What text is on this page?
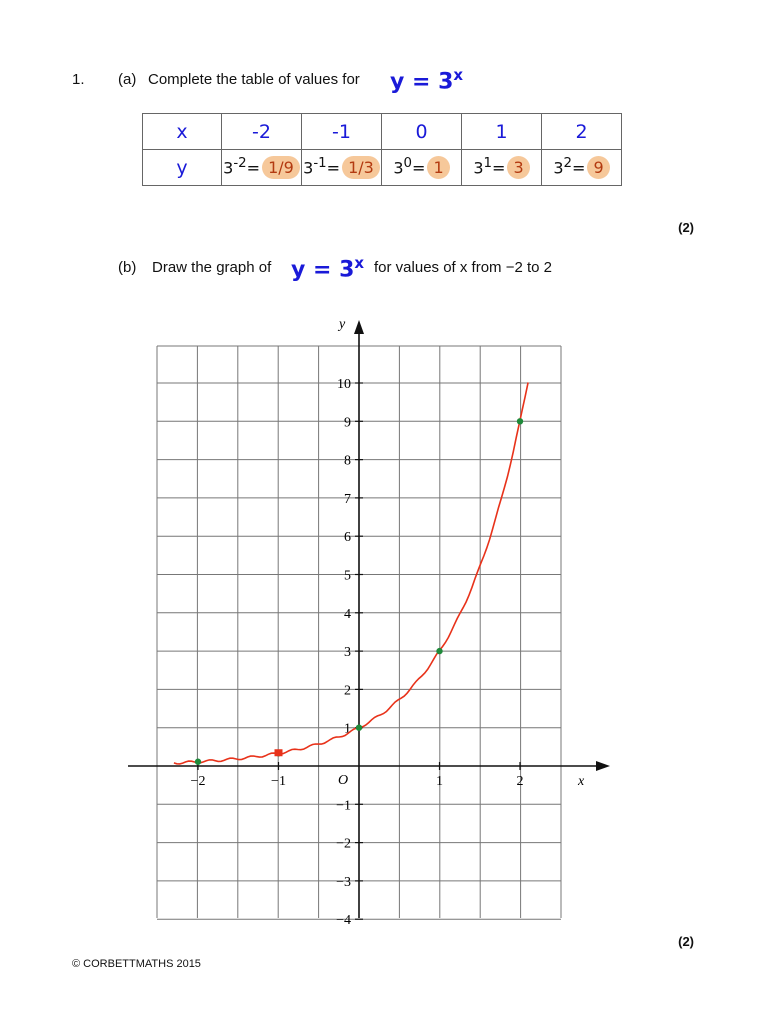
1. (a) Complete the table of values for $y = 3^x$
x	-2	-1	0	1	2
y	$3^{-2}= 1/9$	$3^{-1}= 1/3$	$3^0= 1$	$3^1= 3$	$3^2= 9$
(2)
(b) Draw the graph of $y = 3^x$ for values of x from −2 to 2
x
y
O
−2	−1	1	2
10
9
8
7
6
5
4
3
2
1
−1
−2
−3
−4
(2)
© CORBETTMATHS 2015
